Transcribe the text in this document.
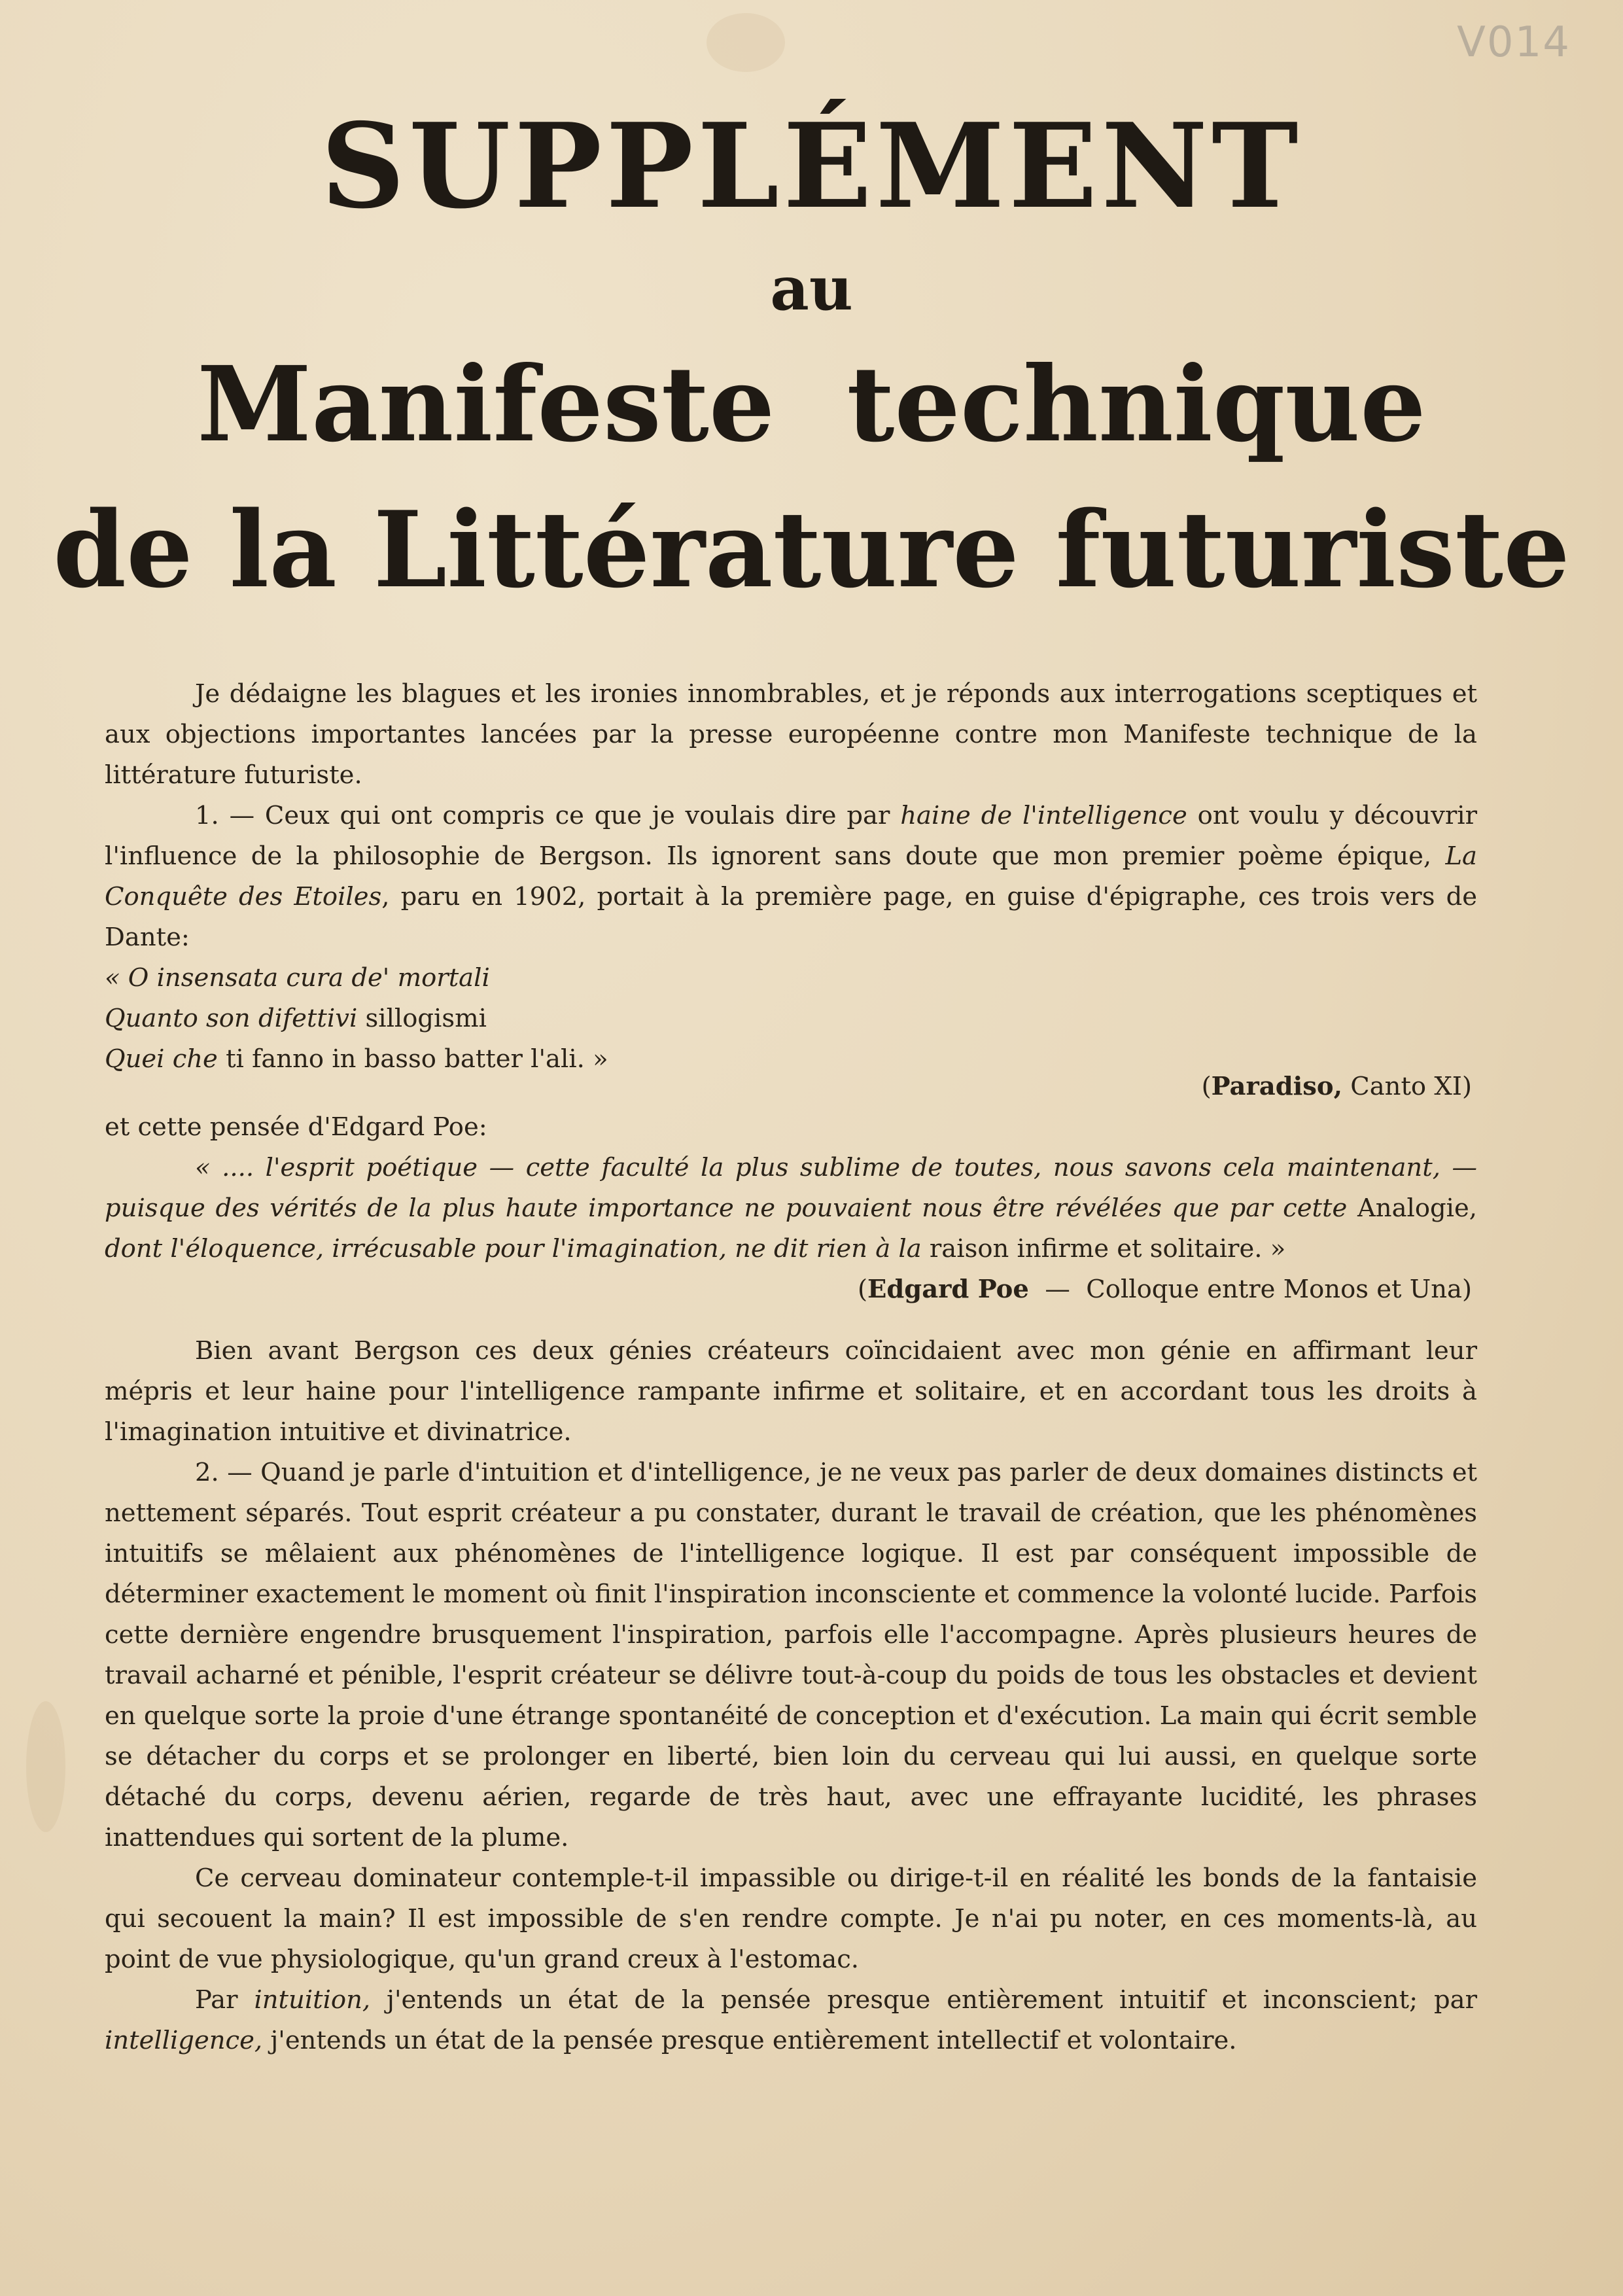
V014
SUPPLÉMENT
au
Manifeste  technique
de la Littérature futuriste

Je dédaigne les blagues et les ironies innombrables, et je réponds aux interrogations sceptiques et aux objections importantes lancées par la presse européenne contre mon Manifeste technique de la littérature futuriste.

1. — Ceux qui ont compris ce que je voulais dire par haine de l'intelligence ont voulu y découvrir l'influence de la philosophie de Bergson. Ils ignorent sans doute que mon premier poème épique, La Conquête des Etoiles, paru en 1902, portait à la première page, en guise d'épigraphe, ces trois vers de Dante:

« O insensata cura de' mortali

Quanto son difettivi sillogismi

Quei che ti fanno in basso batter l'ali. »

(Paradiso, Canto XI)

et cette pensée d'Edgard Poe:

« .... l'esprit poétique — cette faculté la plus sublime de toutes, nous savons cela maintenant, — puisque des vérités de la plus haute importance ne pouvaient nous être révélées que par cette Analogie, dont l'éloquence, irrécusable pour l'imagination, ne dit rien à la raison infirme et solitaire. »

(Edgard Poe  —  Colloque entre Monos et Una)

Bien avant Bergson ces deux génies créateurs coïncidaient avec mon génie en affirmant leur mépris et leur haine pour l'intelligence rampante infirme et solitaire, et en accordant tous les droits à l'imagination intuitive et divinatrice.

2. — Quand je parle d'intuition et d'intelligence, je ne veux pas parler de deux domaines distincts et nettement séparés. Tout esprit créateur a pu constater, durant le travail de création, que les phénomènes intuitifs se mêlaient aux phénomènes de l'intelligence logique. Il est par conséquent impossible de déterminer exactement le moment où finit l'inspiration inconsciente et commence la volonté lucide. Parfois cette dernière engendre brusquement l'inspiration, parfois elle l'accompagne. Après plusieurs heures de travail acharné et pénible, l'esprit créateur se délivre tout-à-coup du poids de tous les obstacles et devient en quelque sorte la proie d'une étrange spontanéité de conception et d'exécution. La main qui écrit semble se détacher du corps et se prolonger en liberté, bien loin du cerveau qui lui aussi, en quelque sorte détaché du corps, devenu aérien, regarde de très haut, avec une effrayante lucidité, les phrases inattendues qui sortent de la plume.

Ce cerveau dominateur contemple-t-il impassible ou dirige-t-il en réalité les bonds de la fantaisie qui secouent la main? Il est impossible de s'en rendre compte. Je n'ai pu noter, en ces moments-là, au point de vue physiologique, qu'un grand creux à l'estomac.

Par intuition, j'entends un état de la pensée presque entièrement intuitif et inconscient; par intelligence, j'entends un état de la pensée presque entièrement intellectif et volontaire.
